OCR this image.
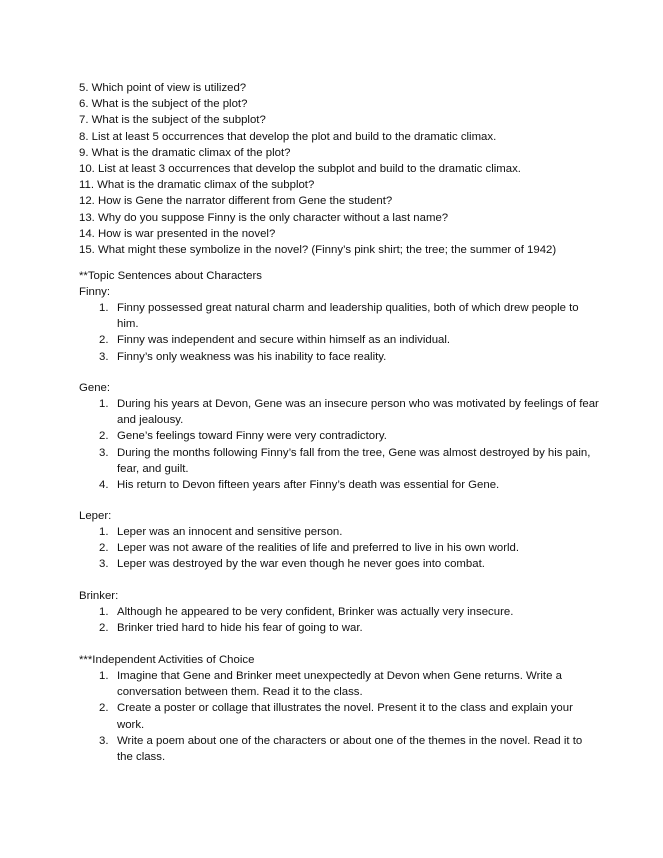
5. Which point of view is utilized?
6. What is the subject of the plot?
7. What is the subject of the subplot?
8. List at least 5 occurrences that develop the plot and build to the dramatic climax.
9. What is the dramatic climax of the plot?
10. List at least 3 occurrences that develop the subplot and build to the dramatic climax.
11. What is the dramatic climax of the subplot?
12. How is Gene the narrator different from Gene the student?
13. Why do you suppose Finny is the only character without a last name?
14. How is war presented in the novel?
15. What might these symbolize in the novel? (Finny’s pink shirt; the tree; the summer of 1942)

**Topic Sentences about Characters

Finny:

1. Finny possessed great natural charm and leadership qualities, both of which drew people to him.
2. Finny was independent and secure within himself as an individual.
3. Finny’s only weakness was his inability to face reality.

Gene:

1. During his years at Devon, Gene was an insecure person who was motivated by feelings of fear and jealousy.
2. Gene’s feelings toward Finny were very contradictory.
3. During the months following Finny’s fall from the tree, Gene was almost destroyed by his pain, fear, and guilt.
4. His return to Devon fifteen years after Finny’s death was essential for Gene.

Leper:

1. Leper was an innocent and sensitive person.
2. Leper was not aware of the realities of life and preferred to live in his own world.
3. Leper was destroyed by the war even though he never goes into combat.

Brinker:

1. Although he appeared to be very confident, Brinker was actually very insecure.
2. Brinker tried hard to hide his fear of going to war.

***Independent Activities of Choice

1. Imagine that Gene and Brinker meet unexpectedly at Devon when Gene returns. Write a conversation between them. Read it to the class.
2. Create a poster or collage that illustrates the novel. Present it to the class and explain your work.
3. Write a poem about one of the characters or about one of the themes in the novel. Read it to the class.
